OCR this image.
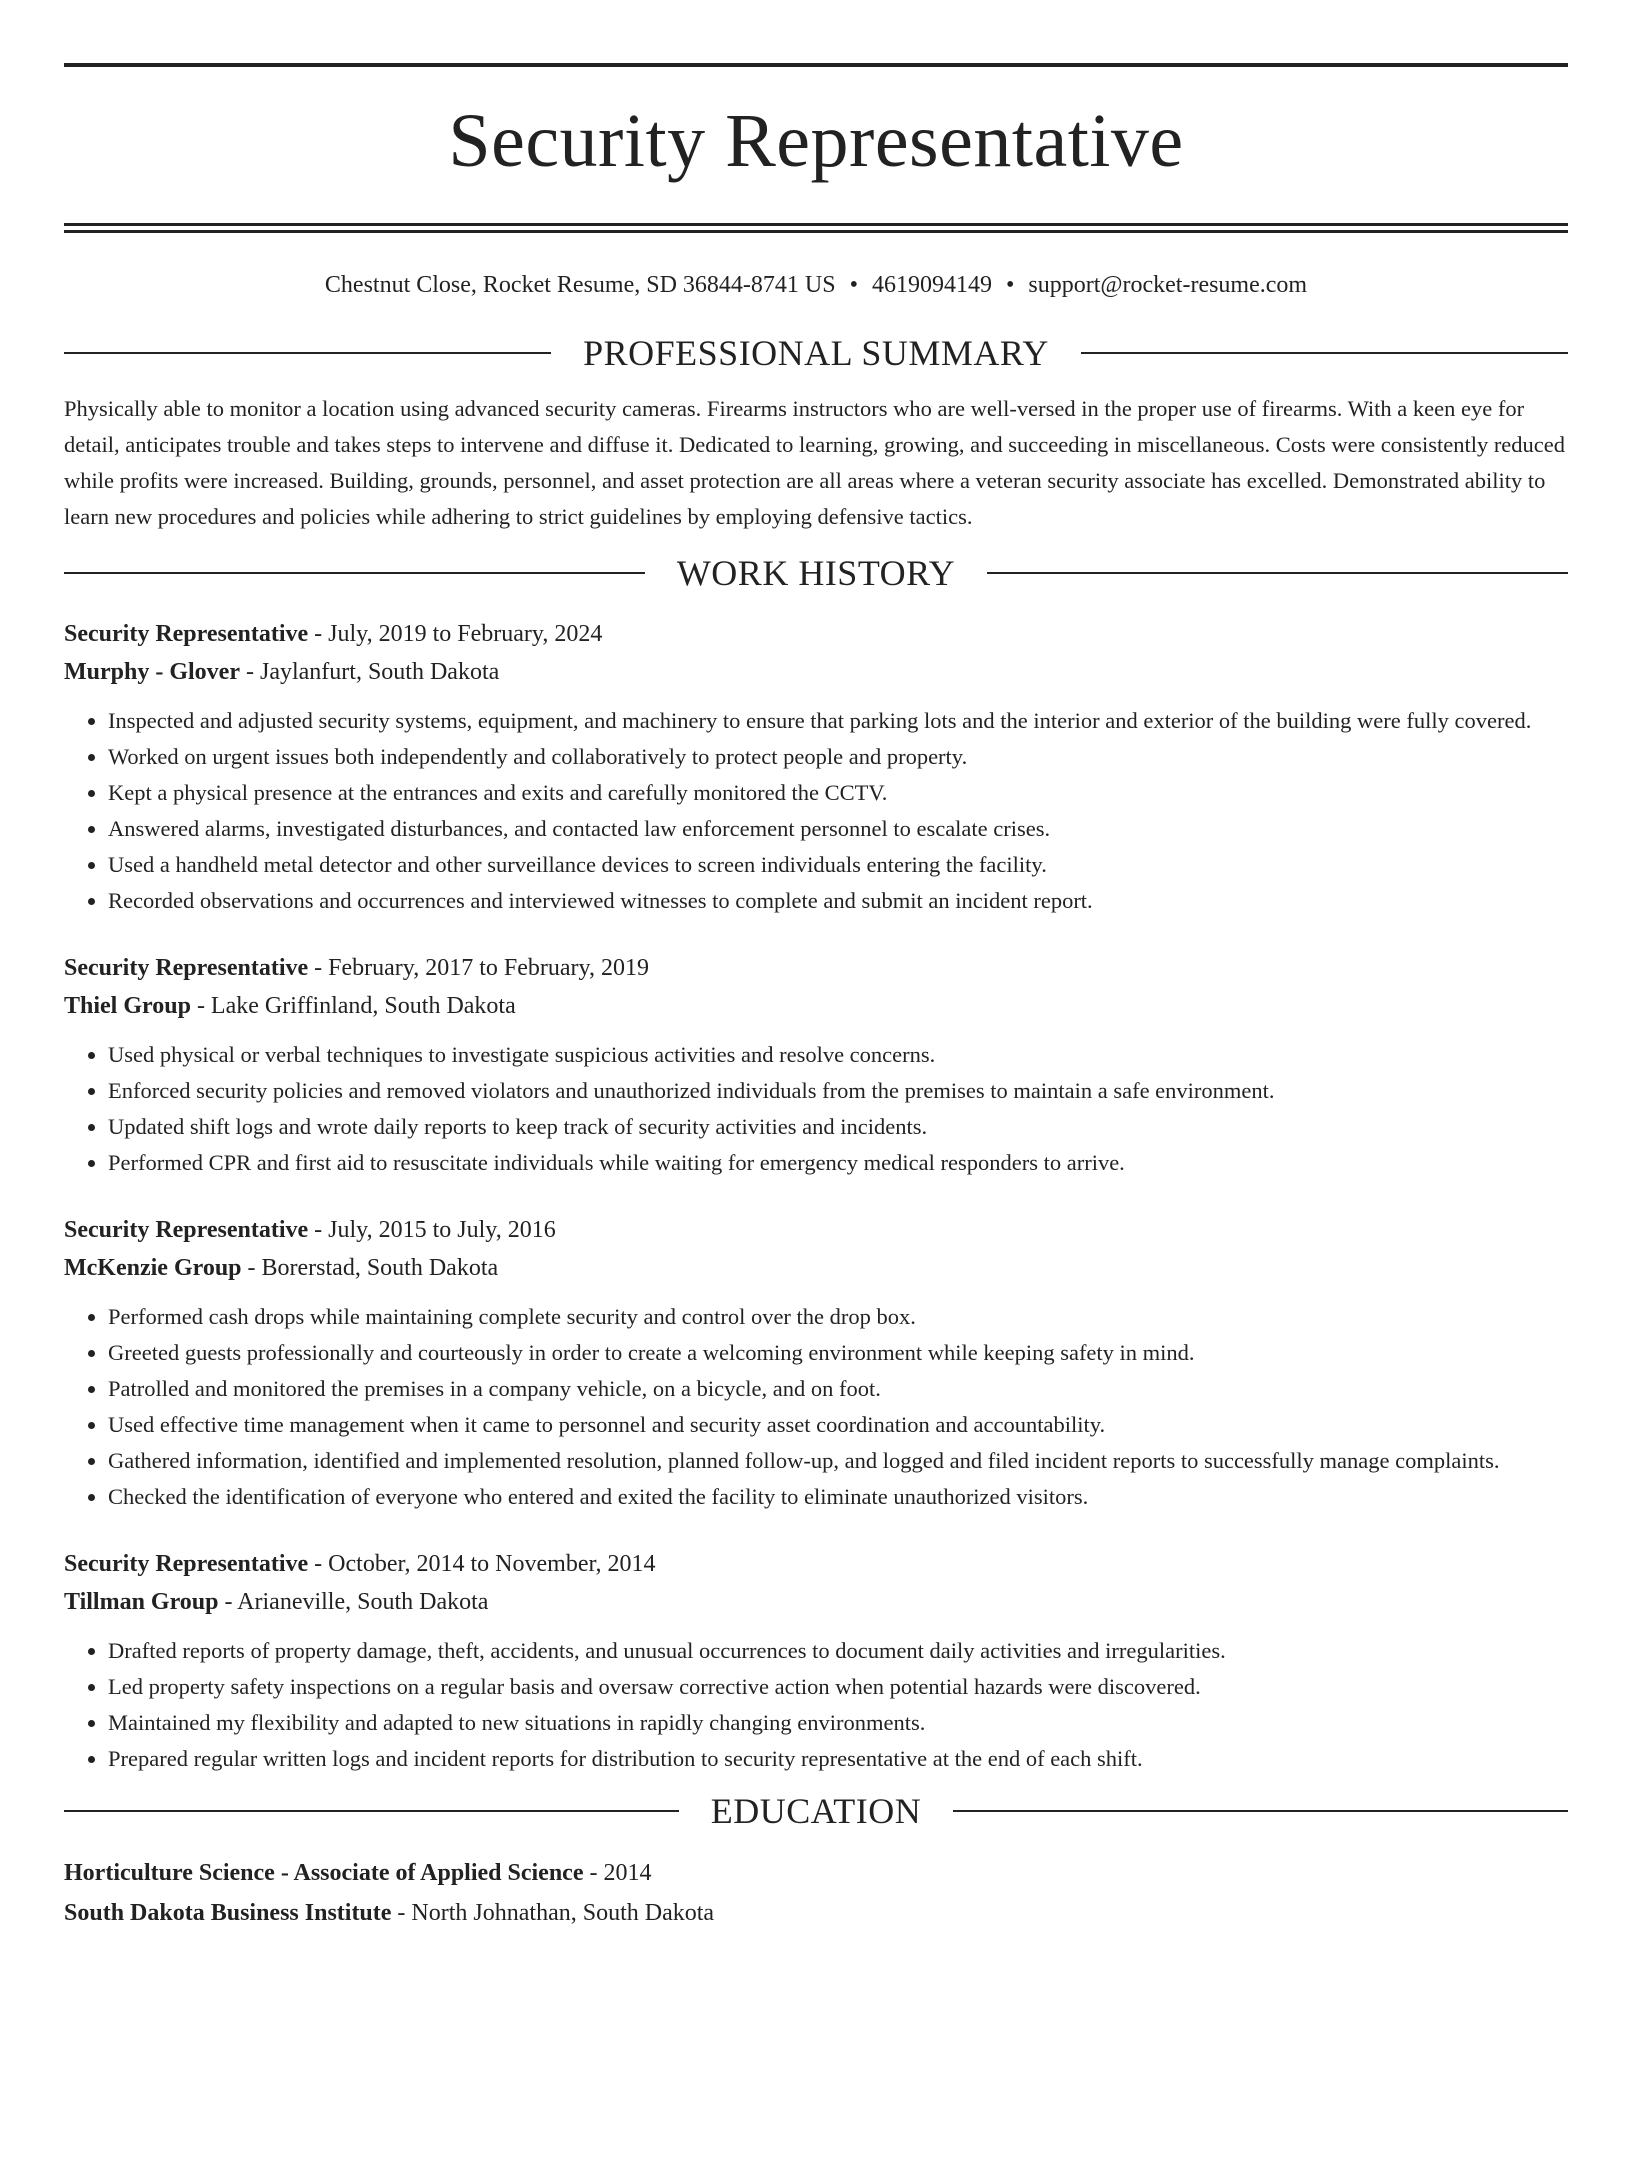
Security Representative
Chestnut Close, Rocket Resume, SD 36844-8741 US • 4619094149 • support@rocket-resume.com
PROFESSIONAL SUMMARY
Physically able to monitor a location using advanced security cameras. Firearms instructors who are well-versed in the proper use of firearms. With a keen eye for detail, anticipates trouble and takes steps to intervene and diffuse it. Dedicated to learning, growing, and succeeding in miscellaneous. Costs were consistently reduced while profits were increased. Building, grounds, personnel, and asset protection are all areas where a veteran security associate has excelled. Demonstrated ability to learn new procedures and policies while adhering to strict guidelines by employing defensive tactics.
WORK HISTORY
Security Representative - July, 2019 to February, 2024
Murphy - Glover - Jaylanfurt, South Dakota
• Inspected and adjusted security systems, equipment, and machinery to ensure that parking lots and the interior and exterior of the building were fully covered.
• Worked on urgent issues both independently and collaboratively to protect people and property.
• Kept a physical presence at the entrances and exits and carefully monitored the CCTV.
• Answered alarms, investigated disturbances, and contacted law enforcement personnel to escalate crises.
• Used a handheld metal detector and other surveillance devices to screen individuals entering the facility.
• Recorded observations and occurrences and interviewed witnesses to complete and submit an incident report.
Security Representative - February, 2017 to February, 2019
Thiel Group - Lake Griffinland, South Dakota
• Used physical or verbal techniques to investigate suspicious activities and resolve concerns.
• Enforced security policies and removed violators and unauthorized individuals from the premises to maintain a safe environment.
• Updated shift logs and wrote daily reports to keep track of security activities and incidents.
• Performed CPR and first aid to resuscitate individuals while waiting for emergency medical responders to arrive.
Security Representative - July, 2015 to July, 2016
McKenzie Group - Borerstad, South Dakota
• Performed cash drops while maintaining complete security and control over the drop box.
• Greeted guests professionally and courteously in order to create a welcoming environment while keeping safety in mind.
• Patrolled and monitored the premises in a company vehicle, on a bicycle, and on foot.
• Used effective time management when it came to personnel and security asset coordination and accountability.
• Gathered information, identified and implemented resolution, planned follow-up, and logged and filed incident reports to successfully manage complaints.
• Checked the identification of everyone who entered and exited the facility to eliminate unauthorized visitors.
Security Representative - October, 2014 to November, 2014
Tillman Group - Arianeville, South Dakota
• Drafted reports of property damage, theft, accidents, and unusual occurrences to document daily activities and irregularities.
• Led property safety inspections on a regular basis and oversaw corrective action when potential hazards were discovered.
• Maintained my flexibility and adapted to new situations in rapidly changing environments.
• Prepared regular written logs and incident reports for distribution to security representative at the end of each shift.
EDUCATION
Horticulture Science - Associate of Applied Science - 2014
South Dakota Business Institute - North Johnathan, South Dakota
